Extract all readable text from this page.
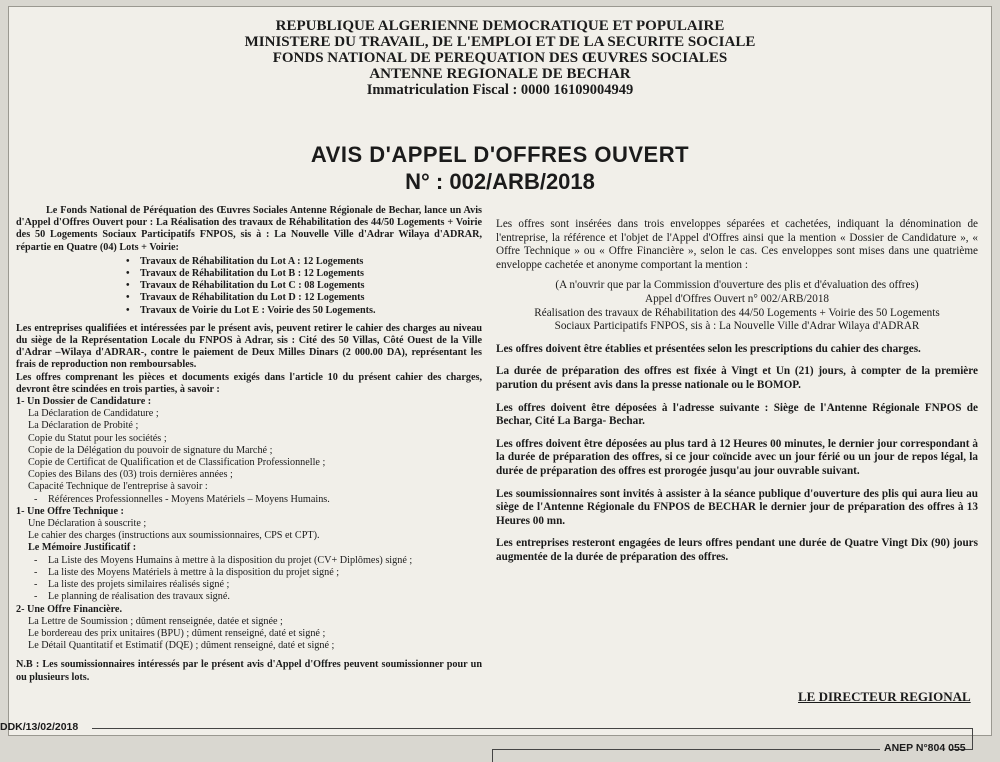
REPUBLIQUE ALGERIENNE DEMOCRATIQUE ET POPULAIRE

MINISTERE DU TRAVAIL, DE L'EMPLOI ET DE LA SECURITE SOCIALE

FONDS NATIONAL DE PEREQUATION DES ŒUVRES SOCIALES

ANTENNE REGIONALE DE BECHAR

Immatriculation Fiscal : 0000 16109004949

AVIS D'APPEL D'OFFRES OUVERT
N° : 002/ARB/2018

Le Fonds National de Péréquation des Œuvres Sociales Antenne Régionale de Bechar, lance un Avis d'Appel d'Offres Ouvert pour : La Réalisation des travaux de Réhabilitation des 44/50 Logements + Voirie des 50 Logements Sociaux Participatifs FNPOS, sis à : La Nouvelle Ville d'Adrar Wilaya d'ADRAR, répartie en Quatre (04) Lots + Voirie:

• Travaux de Réhabilitation du Lot A : 12 Logements
• Travaux de Réhabilitation du Lot B : 12 Logements
• Travaux de Réhabilitation du Lot C : 08 Logements
• Travaux de Réhabilitation du Lot D : 12 Logements
• Travaux de Voirie du Lot E : Voirie des 50 Logements.

Les entreprises qualifiées et intéressées par le présent avis, peuvent retirer le cahier des charges au niveau du siège de la Représentation Locale du FNPOS à Adrar, sis : Cité des 50 Villas, Côté Ouest de la Ville d'Adrar –Wilaya d'ADRAR-, contre le paiement de Deux Milles Dinars (2 000.00 DA), représentant les frais de reproduction non remboursables.

Les offres comprenant les pièces et documents exigés dans l'article 10 du présent cahier des charges, devront être scindées en trois parties, à savoir :

1- Un Dossier de Candidature :
La Déclaration de Candidature ;
La Déclaration de Probité ;
Copie du Statut pour les sociétés ;
Copie de la Délégation du pouvoir de signature du Marché ;
Copie de Certificat de Qualification et de Classification Professionnelle ;
Copies des Bilans des (03) trois dernières années ;
Capacité Technique de l'entreprise à savoir :
- Références Professionnelles - Moyens Matériels – Moyens Humains.
1- Une Offre Technique :
Une Déclaration à souscrite ;
Le cahier des charges (instructions aux soumissionnaires, CPS et CPT).
Le Mémoire Justificatif :
- La Liste des Moyens Humains à mettre à la disposition du projet (CV+ Diplômes) signé ;
- La liste des Moyens Matériels à mettre à la disposition du projet signé ;
- La liste des projets similaires réalisés signé ;
- Le planning de réalisation des travaux signé.
2- Une Offre Financière.
La Lettre de Soumission ; dûment renseignée, datée et signée ;
Le bordereau des prix unitaires (BPU) ; dûment renseigné, daté et signé ;
Le Détail Quantitatif et Estimatif (DQE) ; dûment renseigné, daté et signé ;

N.B : Les soumissionnaires intéressés par le présent avis d'Appel d'Offres peuvent soumissionner pour un ou plusieurs lots.

Les offres sont insérées dans trois enveloppes séparées et cachetées, indiquant la dénomination de l'entreprise, la référence et l'objet de l'Appel d'Offres ainsi que la mention « Dossier de Candidature », « Offre Technique » ou « Offre Financière », selon le cas. Ces enveloppes sont mises dans une quatrième enveloppe cachetée et anonyme comportant la mention :

(A n'ouvrir que par la Commission d'ouverture des plis et d'évaluation des offres)

Appel d'Offres Ouvert n° 002/ARB/2018

Réalisation des travaux de Réhabilitation des 44/50 Logements + Voirie des 50 Logements

Sociaux Participatifs FNPOS, sis à : La Nouvelle Ville d'Adrar Wilaya d'ADRAR

Les offres doivent être établies et présentées selon les prescriptions du cahier des charges.

La durée de préparation des offres est fixée à Vingt et Un (21) jours, à compter de la première parution du présent avis dans la presse nationale ou le BOMOP.

Les offres doivent être déposées à l'adresse suivante : Siège de l'Antenne Régionale FNPOS de Bechar, Cité La Barga- Bechar.

Les offres doivent être déposées au plus tard à 12 Heures 00 minutes, le dernier jour correspondant à la durée de préparation des offres, si ce jour coïncide avec un jour férié ou un jour de repos légal, la durée de préparation des offres est prorogée jusqu'au jour ouvrable suivant.

Les soumissionnaires sont invités à assister à la séance publique d'ouverture des plis qui aura lieu au siège de l'Antenne Régionale du FNPOS de BECHAR le dernier jour de préparation des offres à 13 Heures 00 mn.

Les entreprises resteront engagées de leurs offres pendant une durée de Quatre Vingt Dix (90) jours augmentée de la durée de préparation des offres.

LE DIRECTEUR REGIONAL
DDK/13/02/2018
ANEP N°804 055
